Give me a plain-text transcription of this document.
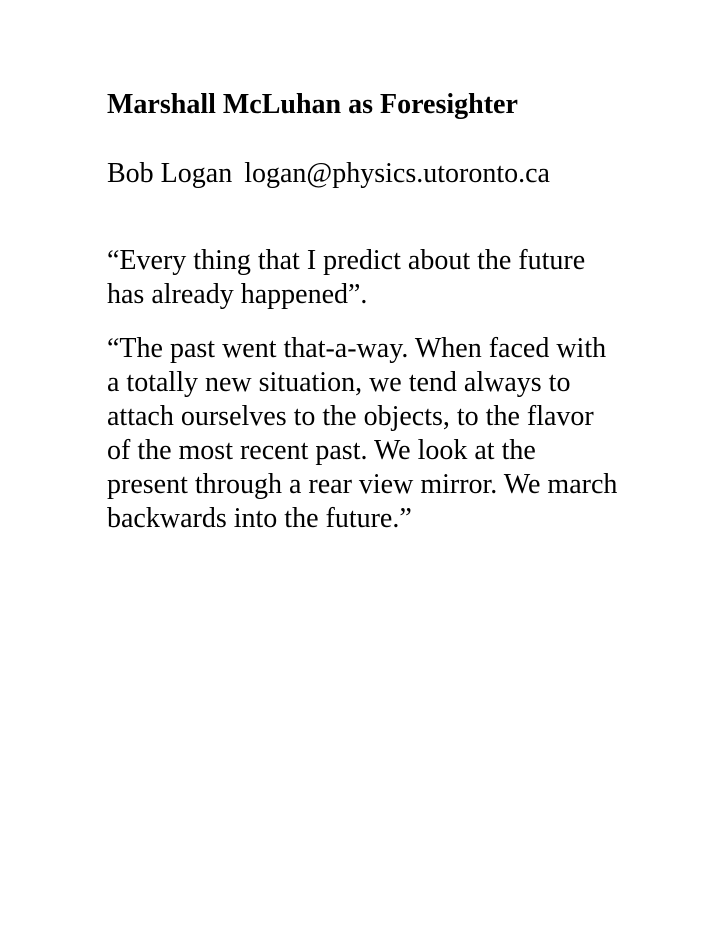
Marshall McLuhan as Foresighter

Bob Logan logan@physics.utoronto.ca

“Every thing that I predict about the future has already happened”.

“The past went that-a-way. When faced with a totally new situation, we tend always to attach ourselves to the objects, to the flavor of the most recent past. We look at the present through a rear view mirror. We march backwards into the future.”
